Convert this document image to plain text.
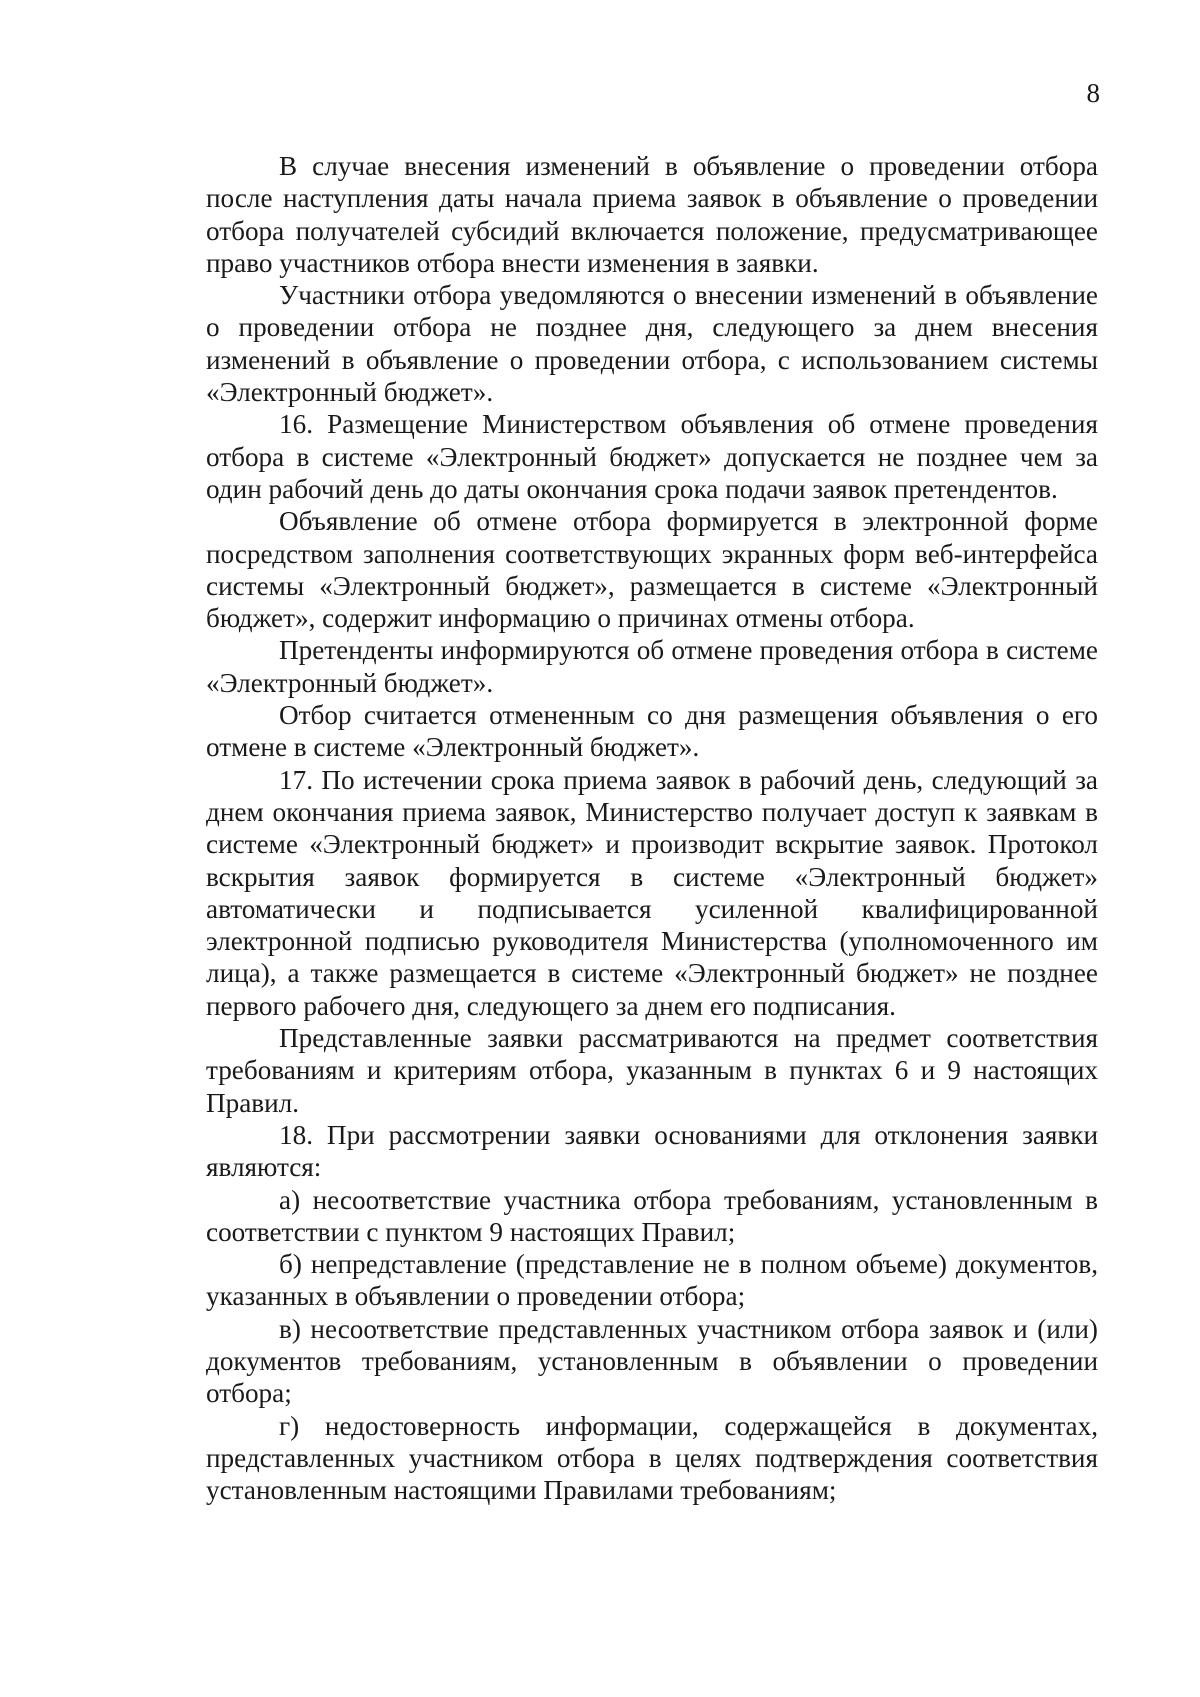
8

В случае внесения изменений в объявление о проведении отбора после наступления даты начала приема заявок в объявление о проведении отбора получателей субсидий включается положение, предусматривающее право участников отбора внести изменения в заявки.

Участники отбора уведомляются о внесении изменений в объявление о проведении отбора не позднее дня, следующего за днем внесения изменений в объявление о проведении отбора, с использованием системы «Электронный бюджет».

16. Размещение Министерством объявления об отмене проведения отбора в системе «Электронный бюджет» допускается не позднее чем за один рабочий день до даты окончания срока подачи заявок претендентов.

Объявление об отмене отбора формируется в электронной форме посредством заполнения соответствующих экранных форм веб-интерфейса системы «Электронный бюджет», размещается в системе «Электронный бюджет», содержит информацию о причинах отмены отбора.

Претенденты информируются об отмене проведения отбора в системе «Электронный бюджет».

Отбор считается отмененным со дня размещения объявления о его отмене в системе «Электронный бюджет».

17. По истечении срока приема заявок в рабочий день, следующий за днем окончания приема заявок, Министерство получает доступ к заявкам в системе «Электронный бюджет» и производит вскрытие заявок. Протокол вскрытия заявок формируется в системе «Электронный бюджет» автоматически и подписывается усиленной квалифицированной электронной подписью руководителя Министерства (уполномоченного им лица), а также размещается в системе «Электронный бюджет» не позднее первого рабочего дня, следующего за днем его подписания.

Представленные заявки рассматриваются на предмет соответствия требованиям и критериям отбора, указанным в пунктах 6 и 9 настоящих Правил.

18. При рассмотрении заявки основаниями для отклонения заявки являются:

а) несоответствие участника отбора требованиям, установленным в соответствии с пунктом 9 настоящих Правил;

б) непредставление (представление не в полном объеме) документов, указанных в объявлении о проведении отбора;

в) несоответствие представленных участником отбора заявок и (или) документов требованиям, установленным в объявлении о проведении отбора;

г) недостоверность информации, содержащейся в документах, представленных участником отбора в целях подтверждения соответствия установленным настоящими Правилами требованиям;
